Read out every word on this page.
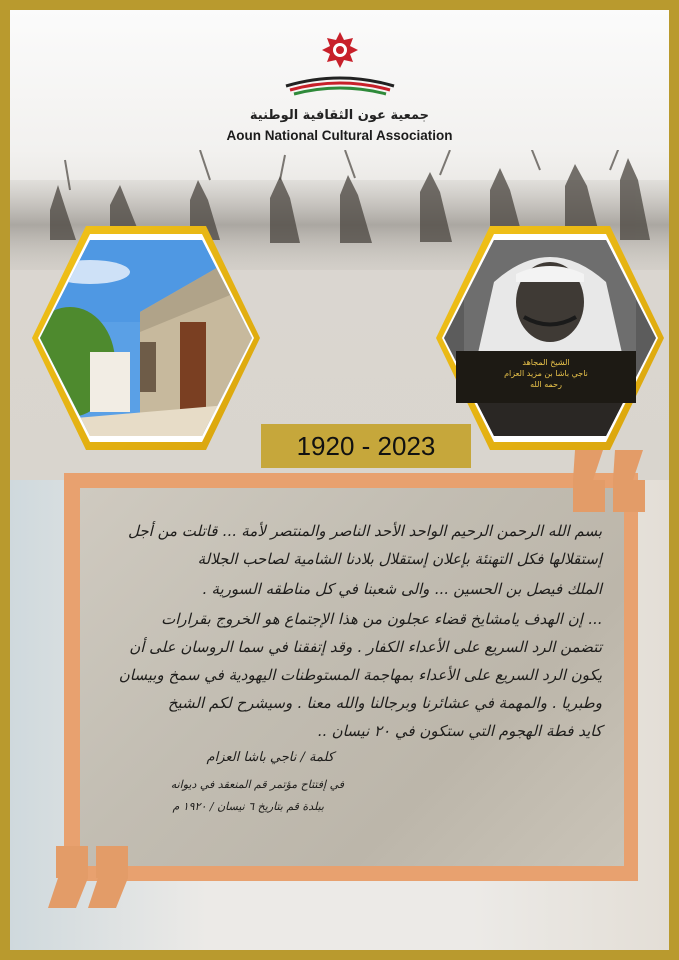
جمعية عون الثقافية الوطنية
Aoun National Cultural Association
الشيخ المجاهد
ناجي باشا بن مزيد العزام
رحمه الله
1920 - 2023
بسم الله الرحمن الرحيم الواحد الأحد الناصر والمنتصر لأمة ... قاتلت من أجل
إستقلالها فكل التهنئة بإعلان إستقلال بلادنا الشامية لصاحب الجلالة
الملك فيصل بن الحسين ... والى شعبنا في كل مناطقه السورية .
... إن الهدف يامشايخ قضاء عجلون من هذا الإجتماع هو الخروج بقرارات
تتضمن الرد السريع على الأعداء الكفار . وقد إتفقنا في سما الروسان على أن
يكون الرد السريع على الأعداء بمهاجمة المستوطنات اليهودية في سمخ وبيسان
وطبريا . والمهمة في عشائرنا وبرجالنا والله معنا . وسيشرح لكم الشيخ
كايد فطة الهجوم التي ستكون في ٢٠ نيسان ..
كلمة / ناجي باشا العزام
في إفتتاح مؤتمر قم المنعقد في ديوانه
ببلدة قم بتاريخ ٦ نيسان / ١٩٢٠ م
